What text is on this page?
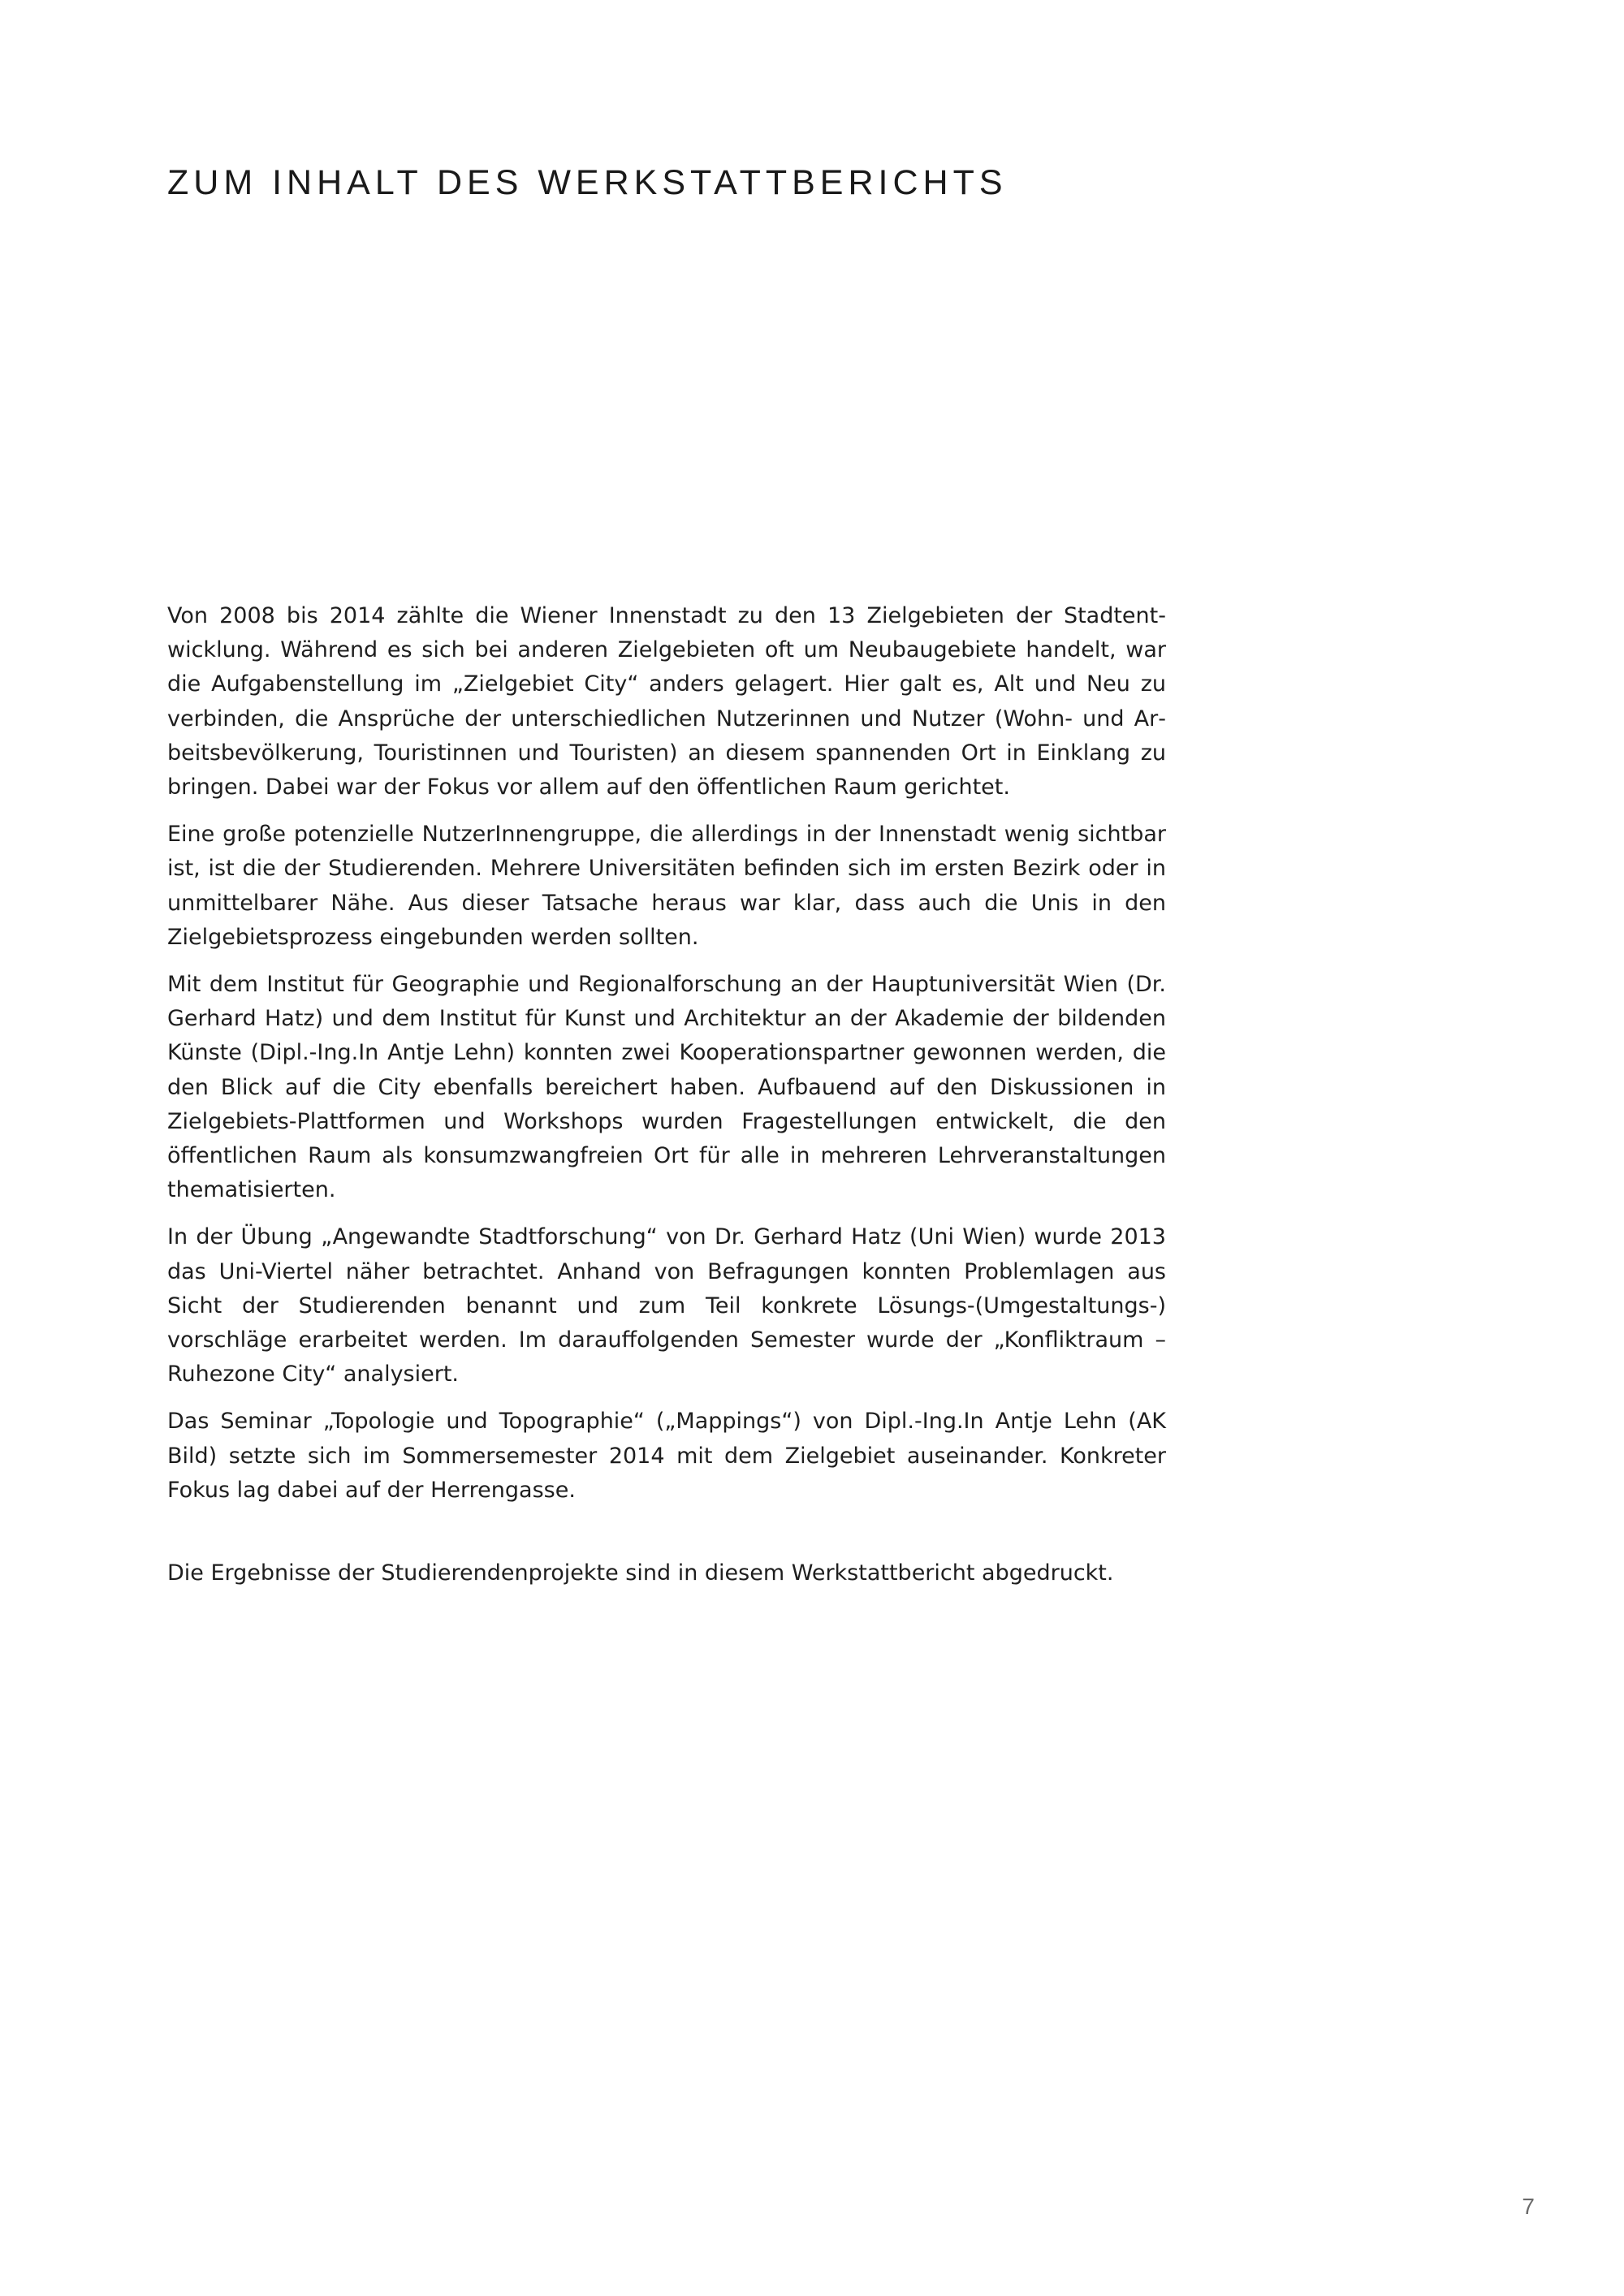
ZUM INHALT DES WERKSTATTBERICHTS

Von 2008 bis 2014 zählte die Wiener Innenstadt zu den 13 Zielgebieten der Stadtentwicklung. Während es sich bei anderen Zielgebieten oft um Neubaugebiete handelt, war die Aufgabenstellung im „Zielgebiet City“ anders gelagert. Hier galt es, Alt und Neu zu verbinden, die Ansprüche der unterschiedlichen Nutzerinnen und Nutzer (Wohn- und Arbeitsbevölkerung, Touristinnen und Touristen) an diesem spannenden Ort in Einklang zu bringen. Dabei war der Fokus vor allem auf den öffentlichen Raum gerichtet.

Eine große potenzielle NutzerInnengruppe, die allerdings in der Innenstadt wenig sichtbar ist, ist die der Studierenden. Mehrere Universitäten befinden sich im ersten Bezirk oder in unmittelbarer Nähe. Aus dieser Tatsache heraus war klar, dass auch die Unis in den Zielgebietsprozess eingebunden werden sollten.

Mit dem Institut für Geographie und Regionalforschung an der Hauptuniversität Wien (Dr. Gerhard Hatz) und dem Institut für Kunst und Architektur an der Akademie der bildenden Künste (Dipl.-Ing.In Antje Lehn) konnten zwei Kooperationspartner gewonnen werden, die den Blick auf die City ebenfalls bereichert haben. Aufbauend auf den Diskussionen in Zielgebiets-Plattformen und Workshops wurden Fragestellungen entwickelt, die den öffentlichen Raum als konsumzwangfreien Ort für alle in mehreren Lehrveranstaltungen thematisierten.

In der Übung „Angewandte Stadtforschung“ von Dr. Gerhard Hatz (Uni Wien) wurde 2013 das Uni-Viertel näher betrachtet. Anhand von Befragungen konnten Problemlagen aus Sicht der Studierenden benannt und zum Teil konkrete Lösungs-(Umgestaltungs-) vorschläge erarbeitet werden. Im darauffolgenden Semester wurde der „Konfliktraum – Ruhezone City“ analysiert.

Das Seminar „Topologie und Topographie“ („Mappings“) von Dipl.-Ing.In Antje Lehn (AK Bild) setzte sich im Sommersemester 2014 mit dem Zielgebiet auseinander. Konkreter Fokus lag dabei auf der Herrengasse.

Die Ergebnisse der Studierendenprojekte sind in diesem Werkstattbericht abgedruckt.

7
